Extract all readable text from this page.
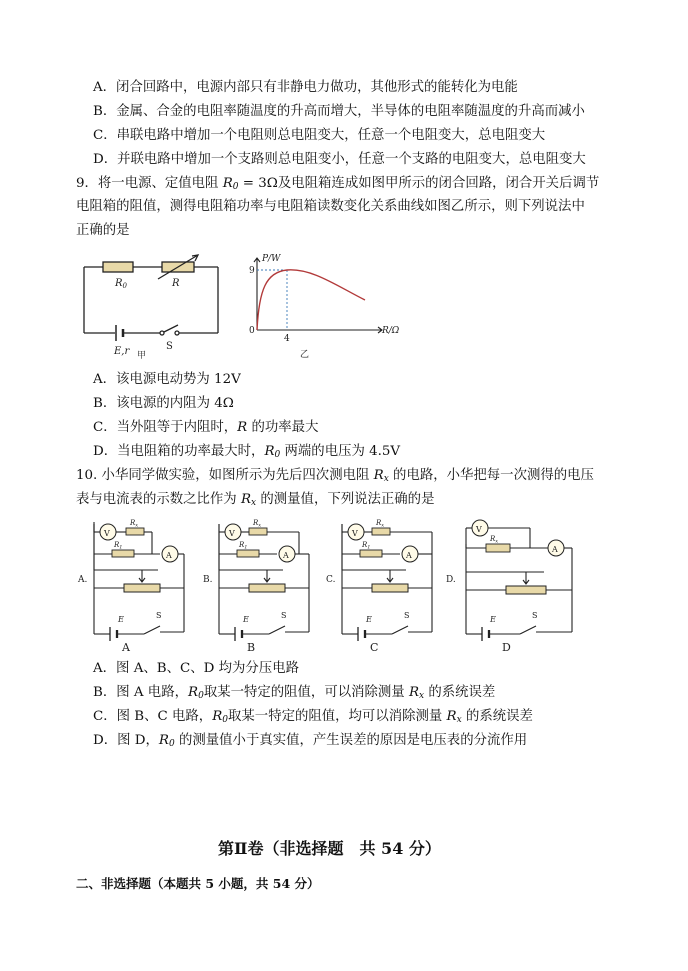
A．闭合回路中，电源内部只有非静电力做功，其他形式的能转化为电能
B．金属、合金的电阻率随温度的升高而增大，半导体的电阻率随温度的升高而减小
C．串联电路中增加一个电阻则总电阻变大，任意一个电阻变大，总电阻变大
D．并联电路中增加一个支路则总电阻变小，任意一个支路的电阻变大，总电阻变大
9．将一电源、定值电阻 $R_0 = 3\Omega$及电阻箱连成如图甲所示的闭合回路，闭合开关后调节
电阻箱的阻值，测得电阻箱功率与电阻箱读数变化关系曲线如图乙所示，则下列说法中
正确的是
$R_0$	R
E,r 甲
S
P/W
R/Ω
9
4
0
乙
A．该电源电动势为 12V
B．该电源的内阻为 4Ω
C．当外阻等于内阻时，R 的功率最大
D．当电阻箱的功率最大时，$R_0$ 两端的电压为 4.5V
10. 小华同学做实验，如图所示为先后四次测电阻 $R_x$ 的电路，小华把每一次测得的电压
表与电流表的示数之比作为 $R_x$ 的测量值，下列说法正确的是
V
A
$R_x$
$R_1$
E	S
A.
A
V
A
$R_x$
$R_1$
E	S
B.
B
V
A
$R_x$
$R_1$
E	S
C.
C
V
A
$R_x$
E	S
D.
D
A．图 A、B、C、D 均为分压电路
B．图 A 电路，$R_0$取某一特定的阻值，可以消除测量 $R_x$ 的系统误差
C．图 B、C 电路，$R_0$取某一特定的阻值，均可以消除测量 $R_x$ 的系统误差
D．图 D，$R_0$ 的测量值小于真实值，产生误差的原因是电压表的分流作用
第Ⅱ卷（非选择题　共 54 分）
二、非选择题（本题共 5 小题，共 54 分）
